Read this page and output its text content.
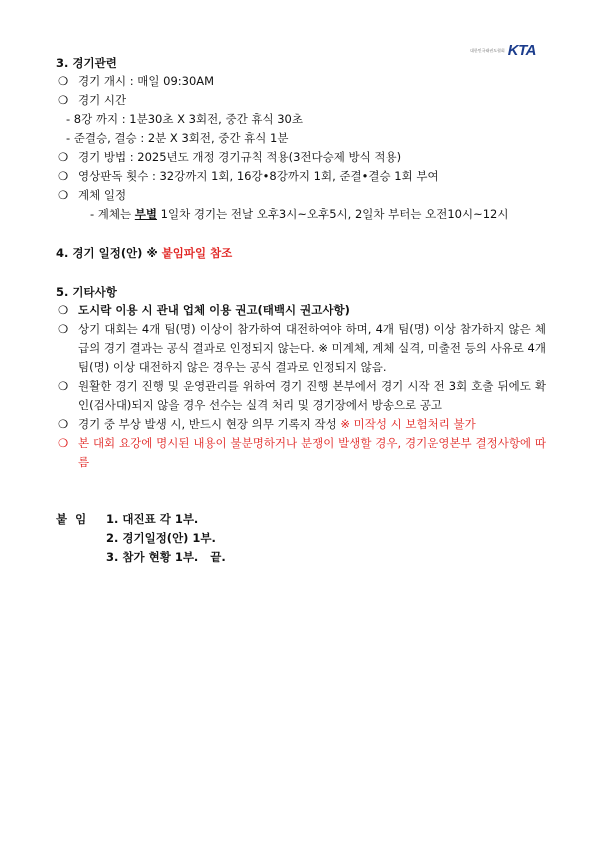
대한민국태권도협회 KTA

3. 경기관련

❍ 경기 개시 : 매일 09:30AM
❍ 경기 시간
- 8강 까지 : 1분30초 X 3회전, 중간 휴식 30초
- 준결승, 결승 : 2분 X 3회전, 중간 휴식 1분
❍ 경기 방법 : 2025년도 개정 경기규칙 적용(3전다승제 방식 적용)
❍ 영상판독 횟수 : 32강까지 1회, 16강•8강까지 1회, 준결•결승 1회 부여
❍ 계체 일정
- 계체는 부별 1일차 경기는 전날 오후3시~오후5시, 2일차 부터는 오전10시~12시

4. 경기 일정(안) ※ 붙임파일 참조

5. 기타사항

❍ 도시락 이용 시 관내 업체 이용 권고(태백시 권고사항)
❍ 상기 대회는 4개 팀(명) 이상이 참가하여 대전하여야 하며, 4개 팀(명) 이상 참가하지 않은 체급의 경기 결과는 공식 결과로 인정되지 않는다. ※ 미계체, 계체 실격, 미출전 등의 사유로 4개 팀(명) 이상 대전하지 않은 경우는 공식 결과로 인정되지 않음.
❍ 원활한 경기 진행 및 운영관리를 위하여 경기 진행 본부에서 경기 시작 전 3회 호출 뒤에도 확인(검사대)되지 않을 경우 선수는 실격 처리 및 경기장에서 방송으로 공고
❍ 경기 중 부상 발생 시, 반드시 현장 의무 기록지 작성 ※ 미작성 시 보험처리 불가
❍ 본 대회 요강에 명시된 내용이 불분명하거나 분쟁이 발생할 경우, 경기운영본부 결정사항에 따름
붙  임	1. 대진표 각 1부.
2. 경기일정(안) 1부.
3. 참가 현황 1부.   끝.
